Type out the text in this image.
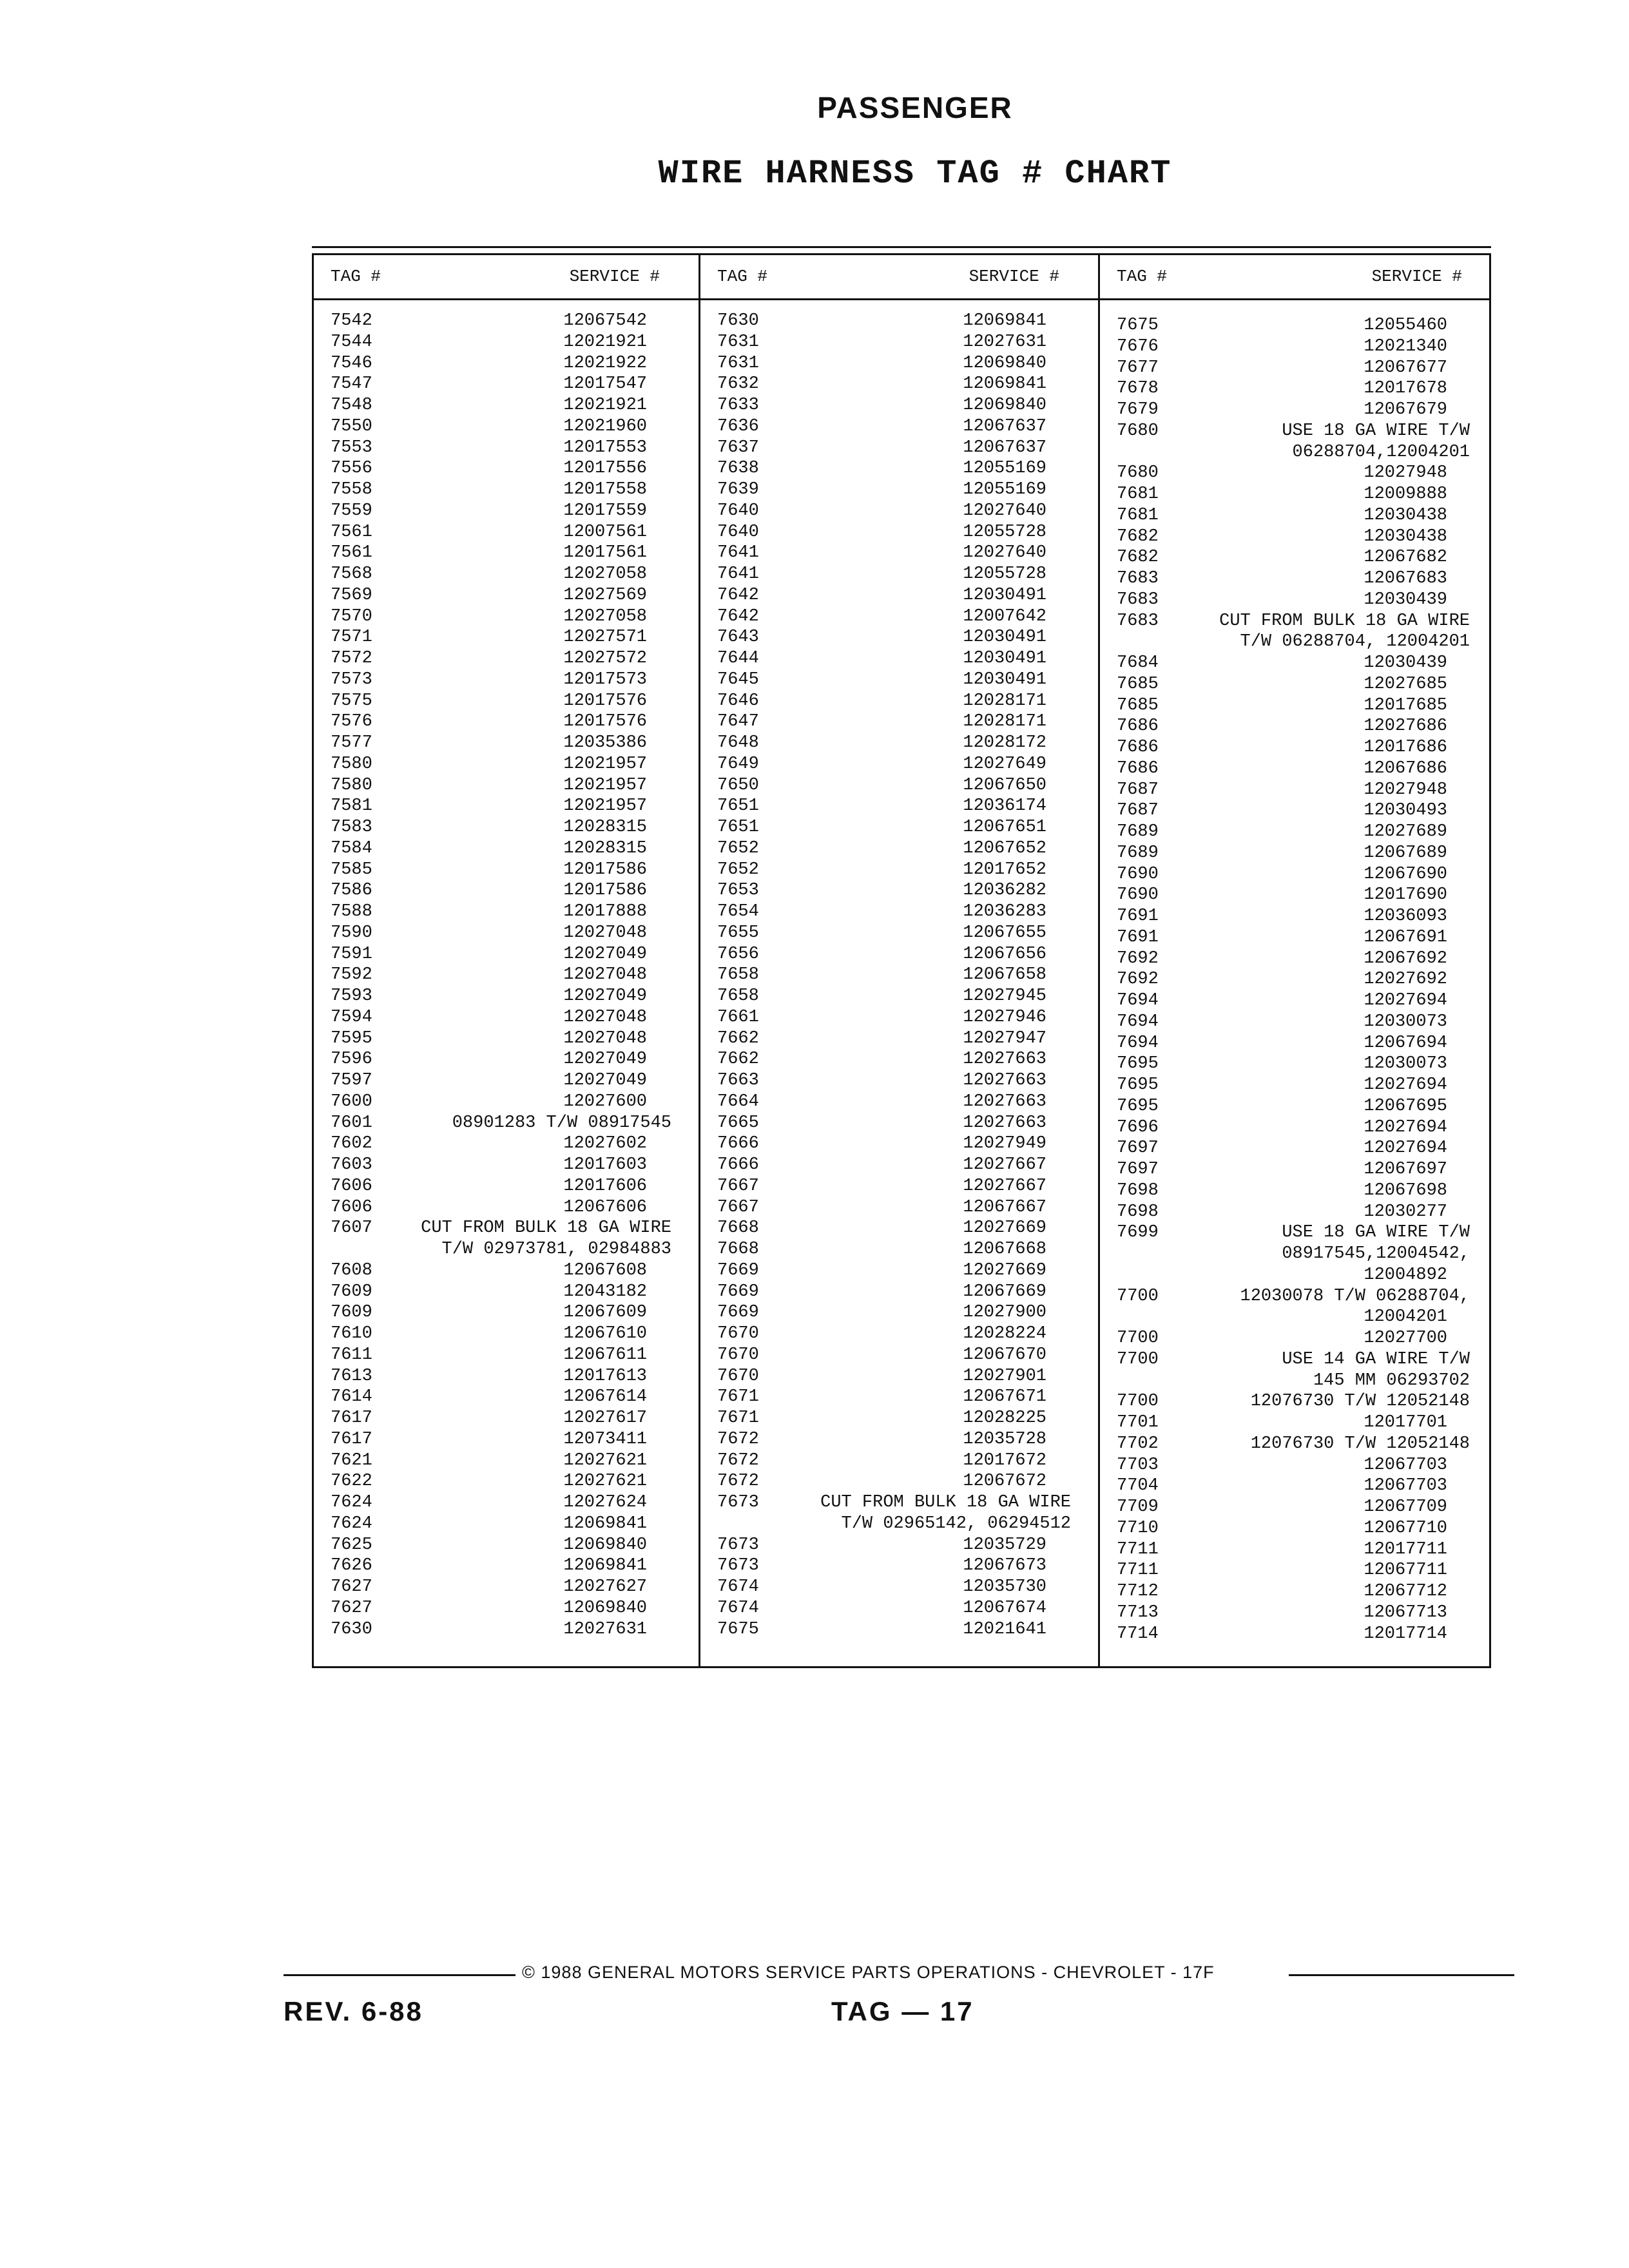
PASSENGER
WIRE HARNESS TAG # CHART
TAG #	SERVICE #
7542	12067542
7544	12021921
7546	12021922
7547	12017547
7548	12021921
7550	12021960
7553	12017553
7556	12017556
7558	12017558
7559	12017559
7561	12007561
7561	12017561
7568	12027058
7569	12027569
7570	12027058
7571	12027571
7572	12027572
7573	12017573
7575	12017576
7576	12017576
7577	12035386
7580	12021957
7580	12021957
7581	12021957
7583	12028315
7584	12028315
7585	12017586
7586	12017586
7588	12017888
7590	12027048
7591	12027049
7592	12027048
7593	12027049
7594	12027048
7595	12027048
7596	12027049
7597	12027049
7600	12027600
7601	08901283 T/W 08917545
7602	12027602
7603	12017603
7606	12017606
7606	12067606
7607	CUT FROM BULK 18 GA WIRE
T/W 02973781, 02984883
7608	12067608
7609	12043182
7609	12067609
7610	12067610
7611	12067611
7613	12017613
7614	12067614
7617	12027617
7617	12073411
7621	12027621
7622	12027621
7624	12027624
7624	12069841
7625	12069840
7626	12069841
7627	12027627
7627	12069840
7630	12027631
TAG #	SERVICE #
7630	12069841
7631	12027631
7631	12069840
7632	12069841
7633	12069840
7636	12067637
7637	12067637
7638	12055169
7639	12055169
7640	12027640
7640	12055728
7641	12027640
7641	12055728
7642	12030491
7642	12007642
7643	12030491
7644	12030491
7645	12030491
7646	12028171
7647	12028171
7648	12028172
7649	12027649
7650	12067650
7651	12036174
7651	12067651
7652	12067652
7652	12017652
7653	12036282
7654	12036283
7655	12067655
7656	12067656
7658	12067658
7658	12027945
7661	12027946
7662	12027947
7662	12027663
7663	12027663
7664	12027663
7665	12027663
7666	12027949
7666	12027667
7667	12027667
7667	12067667
7668	12027669
7668	12067668
7669	12027669
7669	12067669
7669	12027900
7670	12028224
7670	12067670
7670	12027901
7671	12067671
7671	12028225
7672	12035728
7672	12017672
7672	12067672
7673	CUT FROM BULK 18 GA WIRE
T/W 02965142, 06294512
7673	12035729
7673	12067673
7674	12035730
7674	12067674
7675	12021641
TAG #	SERVICE #
7675	12055460
7676	12021340
7677	12067677
7678	12017678
7679	12067679
7680	USE 18 GA WIRE T/W
06288704,12004201
7680	12027948
7681	12009888
7681	12030438
7682	12030438
7682	12067682
7683	12067683
7683	12030439
7683	CUT FROM BULK 18 GA WIRE
T/W 06288704, 12004201
7684	12030439
7685	12027685
7685	12017685
7686	12027686
7686	12017686
7686	12067686
7687	12027948
7687	12030493
7689	12027689
7689	12067689
7690	12067690
7690	12017690
7691	12036093
7691	12067691
7692	12067692
7692	12027692
7694	12027694
7694	12030073
7694	12067694
7695	12030073
7695	12027694
7695	12067695
7696	12027694
7697	12027694
7697	12067697
7698	12067698
7698	12030277
7699	USE 18 GA WIRE T/W
08917545,12004542,
12004892
7700	12030078 T/W 06288704,
12004201
7700	12027700
7700	USE 14 GA WIRE T/W
145 MM 06293702
7700	12076730 T/W 12052148
7701	12017701
7702	12076730 T/W 12052148
7703	12067703
7704	12067703
7709	12067709
7710	12067710
7711	12017711
7711	12067711
7712	12067712
7713	12067713
7714	12017714
© 1988 GENERAL MOTORS SERVICE PARTS OPERATIONS - CHEVROLET - 17F
REV. 6-88	TAG — 17
